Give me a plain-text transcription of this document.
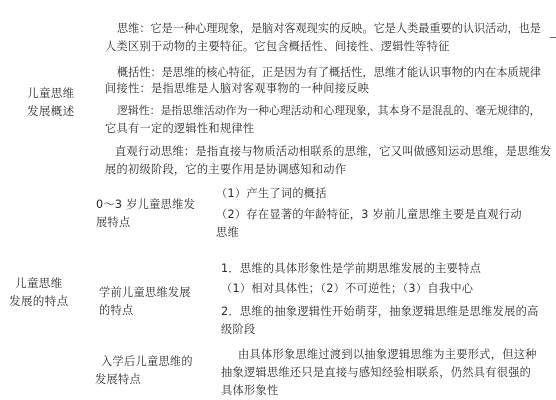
儿童思维
发展概述
思维：它是一种心理现象，是脑对客观现实的反映。它是人类最重要的认识活动，也是
人类区别于动物的主要特征。它包含概括性、间接性、逻辑性等特征
概括性：是思维的核心特征，正是因为有了概括性，思维才能认识事物的内在本质规律
间接性：是指思维是人脑对客观事物的一种间接反映
逻辑性：是指思维活动作为一种心理活动和心理现象，其本身不是混乱的、毫无规律的，
它具有一定的逻辑性和规律性
直观行动思维：是指直接与物质活动相联系的思维，它又叫做感知运动思维，是思维发
展的初级阶段，它的主要作用是协调感知和动作
儿童思维
发展的特点
0～3 岁儿童思维发
展特点
（1）产生了词的概括
（2）存在显著的年龄特征，3 岁前儿童思维主要是直观行动
思维
学前儿童思维发展
的特点
1．思维的具体形象性是学前期思维发展的主要特点
（1）相对具体性；（2）不可逆性；（3）自我中心
2．思维的抽象逻辑性开始萌芽，抽象逻辑思维是思维发展的高
级阶段
入学后儿童思维的
发展特点
由具体形象思维过渡到以抽象逻辑思维为主要形式，但这种
抽象逻辑思维还只是直接与感知经验相联系，仍然具有很强的
具体形象性
